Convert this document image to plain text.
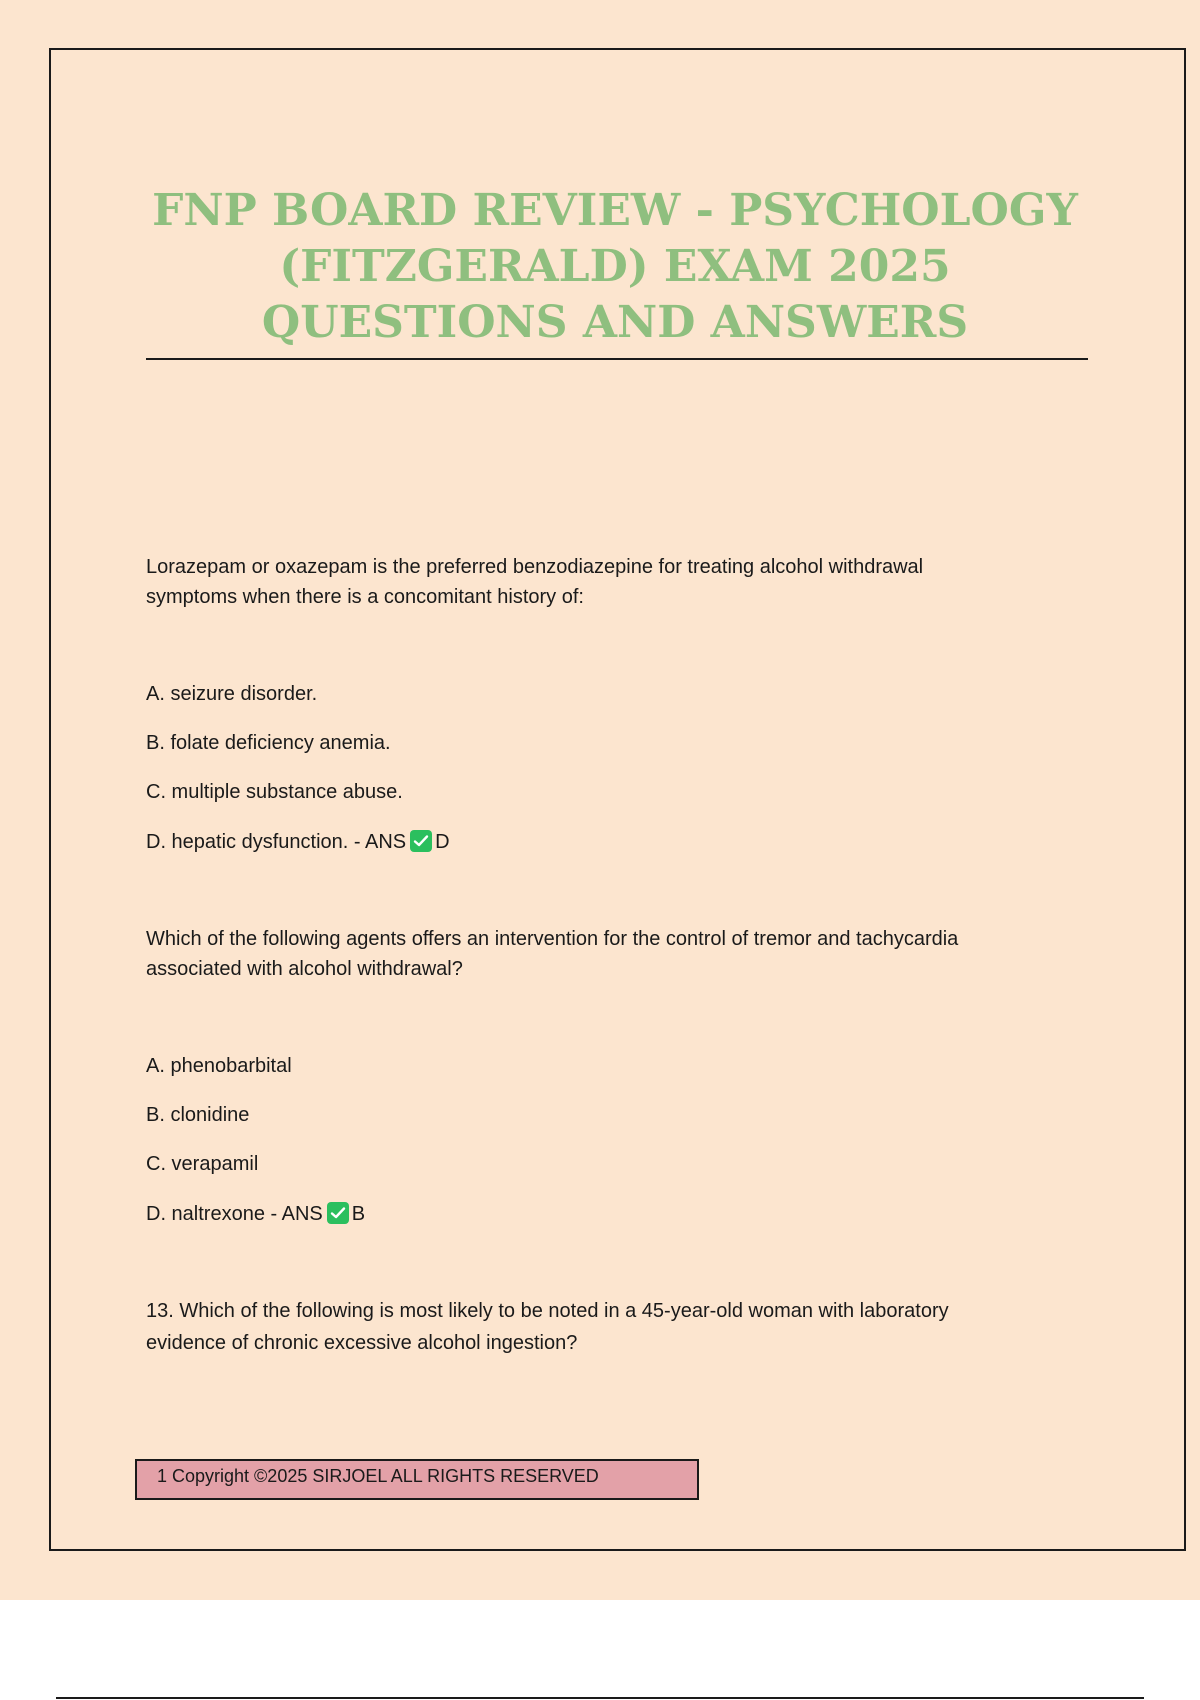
FNP BOARD REVIEW - PSYCHOLOGY (FITZGERALD) EXAM 2025 QUESTIONS AND ANSWERS
Lorazepam or oxazepam is the preferred benzodiazepine for treating alcohol withdrawal
symptoms when there is a concomitant history of:
A. seizure disorder.
B. folate deficiency anemia.
C. multiple substance abuse.
D. hepatic dysfunction. - ANS D
Which of the following agents offers an intervention for the control of tremor and tachycardia
associated with alcohol withdrawal?
A. phenobarbital
B. clonidine
C. verapamil
D. naltrexone - ANS B
13. Which of the following is most likely to be noted in a 45-year-old woman with laboratory
evidence of chronic excessive alcohol ingestion?
1 Copyright ©2025 SIRJOEL ALL RIGHTS RESERVED
